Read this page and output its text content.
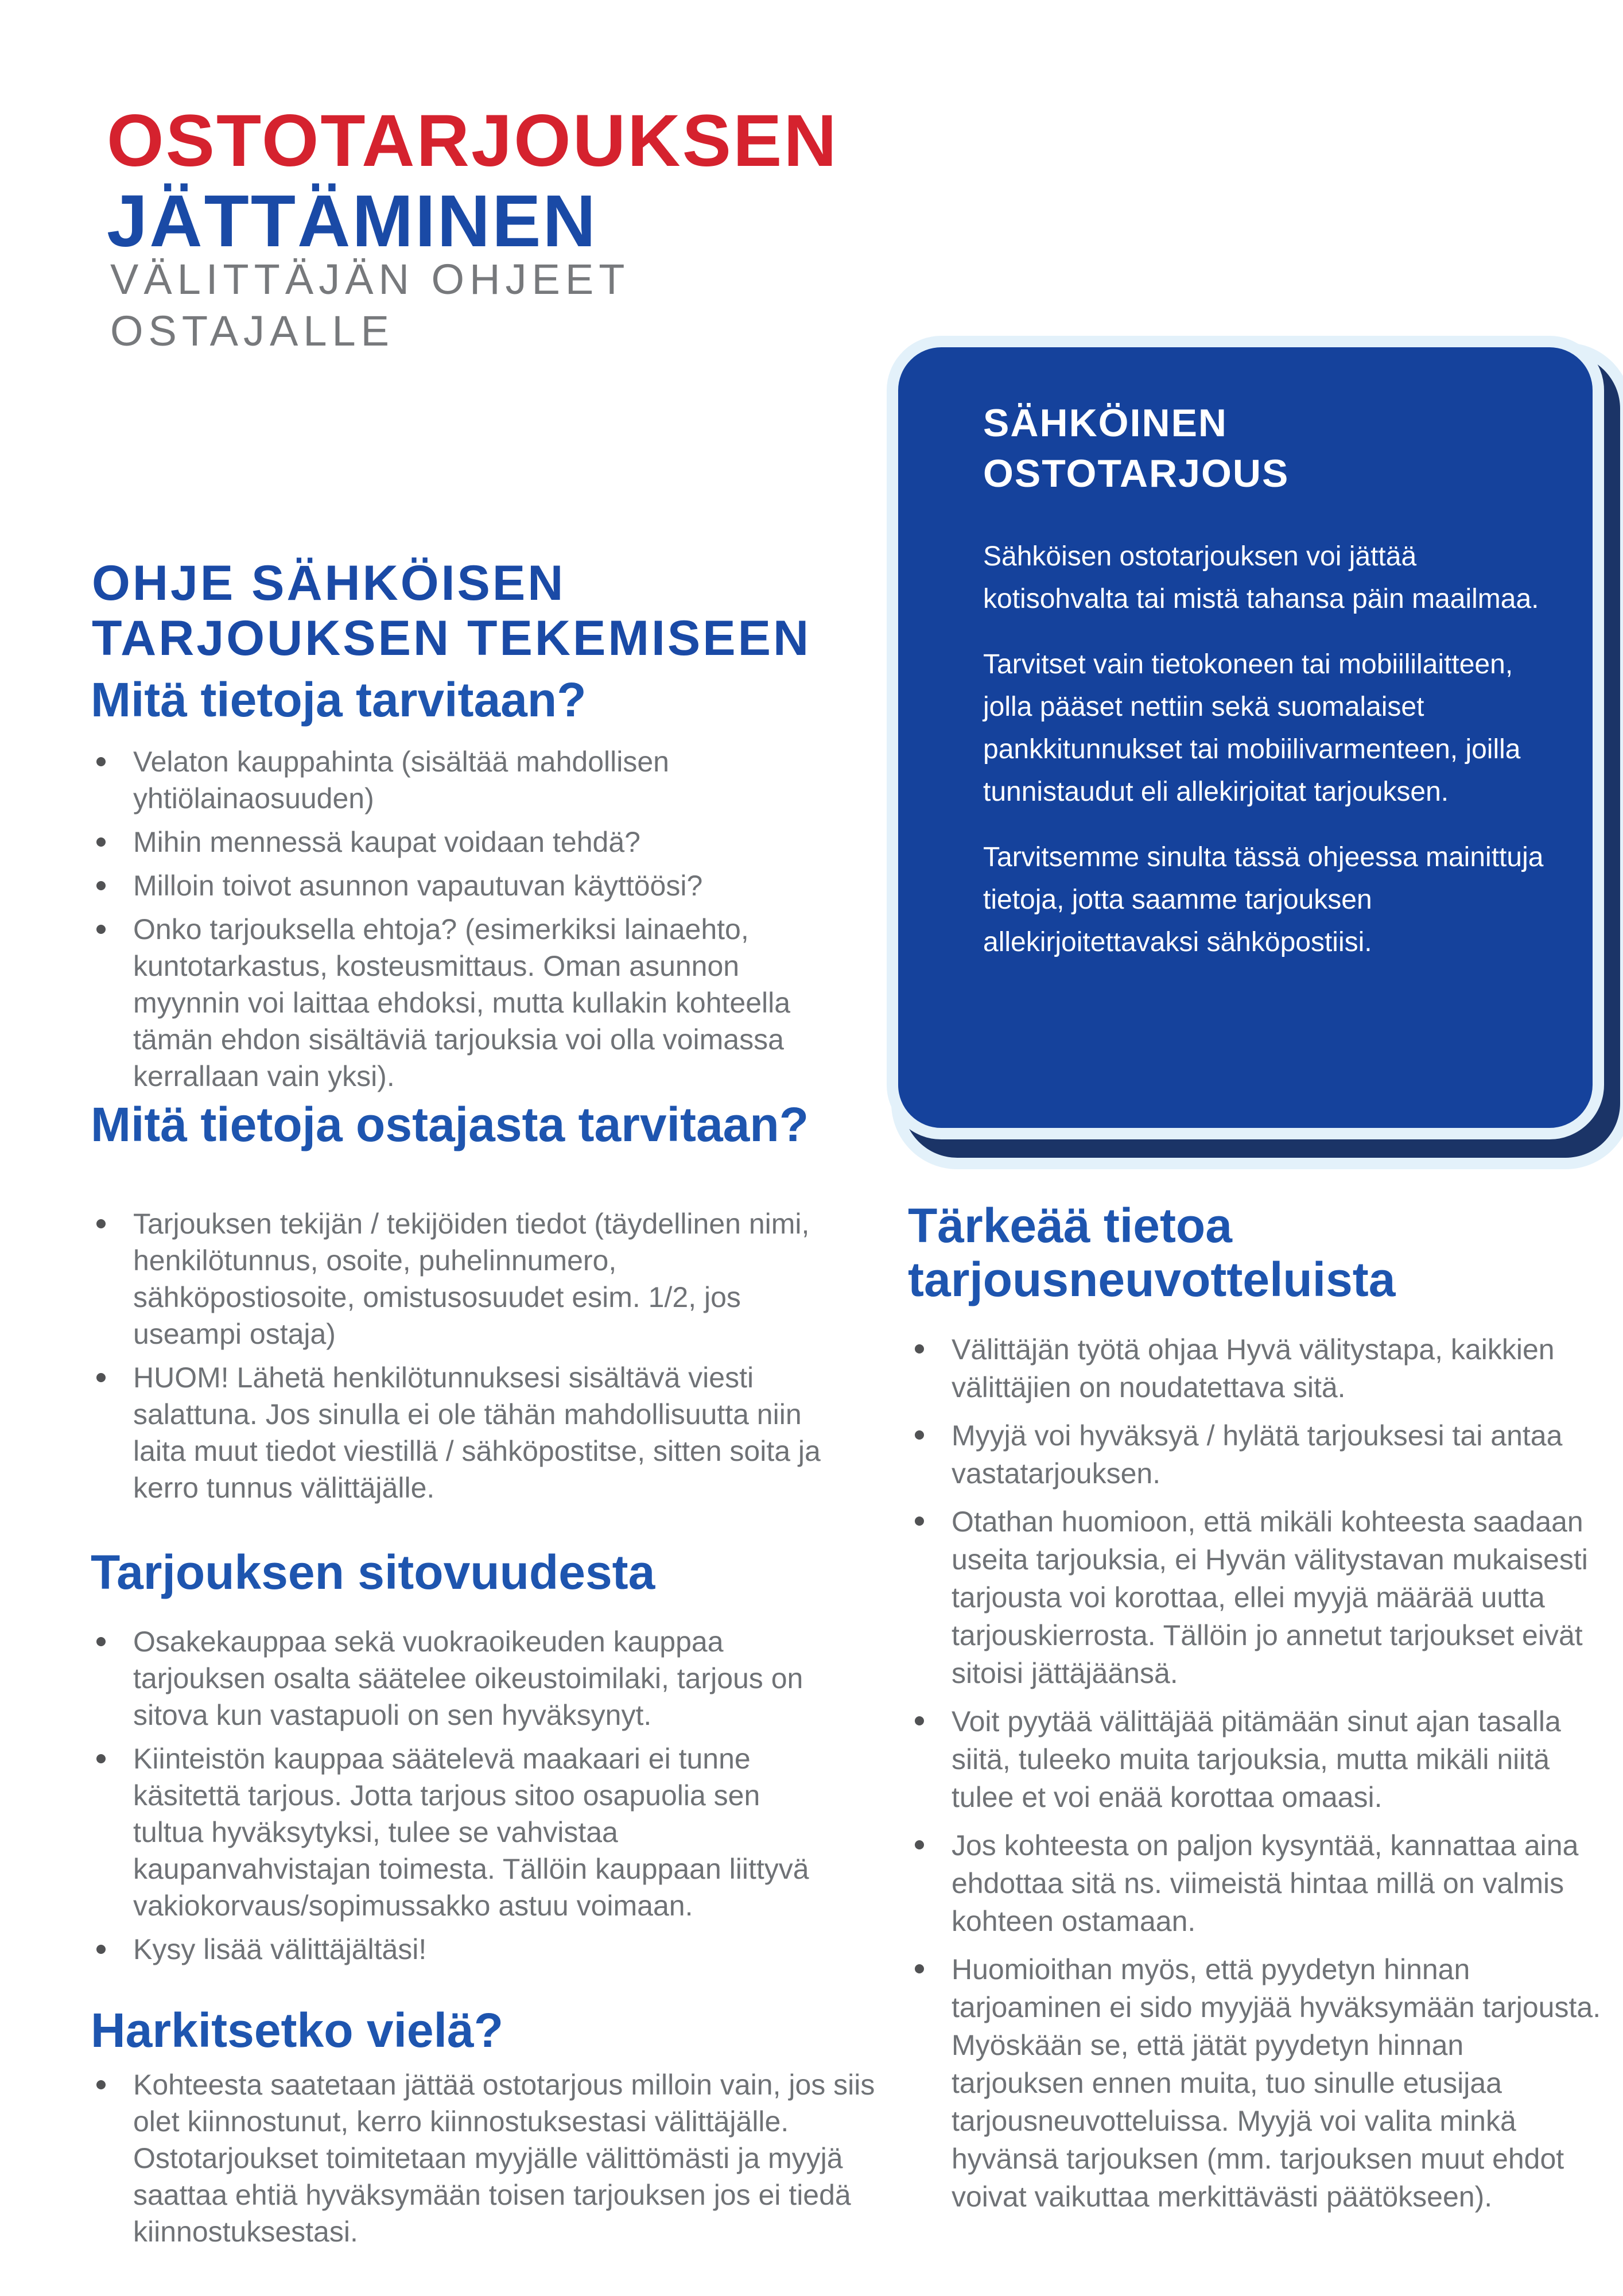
OSTOTARJOUKSEN
JÄTTÄMINEN
VÄLITTÄJÄN OHJEET
OSTAJALLE
SÄHKÖINEN
OSTOTARJOUS

Sähköisen ostotarjouksen voi jättää kotisohvalta tai mistä tahansa päin maailmaa.

Tarvitset vain tietokoneen tai mobiililaitteen, jolla pääset nettiin sekä suomalaiset pankkitunnukset tai mobiilivarmenteen, joilla tunnistaudut eli allekirjoitat tarjouksen.

Tarvitsemme sinulta tässä ohjeessa mainittuja tietoja, jotta saamme tarjouksen allekirjoitettavaksi sähköpostiisi.

OHJE SÄHKÖISEN
TARJOUKSEN TEKEMISEEN
Mitä tietoja tarvitaan?
Velaton kauppahinta (sisältää mahdollisen yhtiölainaosuuden)
Mihin mennessä kaupat voidaan tehdä?
Milloin toivot asunnon vapautuvan käyttöösi?
Onko tarjouksella ehtoja? (esimerkiksi lainaehto, kuntotarkastus, kosteusmittaus. Oman asunnon myynnin voi laittaa ehdoksi, mutta kullakin kohteella tämän ehdon sisältäviä tarjouksia voi olla voimassa kerrallaan vain yksi).
Mitä tietoja ostajasta tarvitaan?
Tarjouksen tekijän / tekijöiden tiedot (täydellinen nimi, henkilötunnus, osoite, puhelinnumero, sähköpostiosoite, omistusosuudet esim. 1/2, jos useampi ostaja)
HUOM! Lähetä henkilötunnuksesi sisältävä viesti salattuna. Jos sinulla ei ole tähän mahdollisuutta niin laita muut tiedot viestillä / sähköpostitse, sitten soita ja kerro tunnus välittäjälle.
Tarjouksen sitovuudesta
Osakekauppaa sekä vuokraoikeuden kauppaa tarjouksen osalta säätelee oikeustoimilaki, tarjous on sitova kun vastapuoli on sen hyväksynyt.
Kiinteistön kauppaa säätelevä maakaari ei tunne käsitettä tarjous. Jotta tarjous sitoo osapuolia sen tultua hyväksytyksi, tulee se vahvistaa kaupanvahvistajan toimesta. Tällöin kauppaan liittyvä vakiokorvaus/sopimussakko astuu voimaan.
Kysy lisää välittäjältäsi!
Harkitsetko vielä?
Kohteesta saatetaan jättää ostotarjous milloin vain, jos siis olet kiinnostunut, kerro kiinnostuksestasi välittäjälle. Ostotarjoukset toimitetaan myyjälle välittömästi ja myyjä saattaa ehtiä hyväksymään toisen tarjouksen jos ei tiedä kiinnostuksestasi.
Tärkeää tietoa tarjousneuvotteluista
Välittäjän työtä ohjaa Hyvä välitystapa, kaikkien välittäjien on noudatettava sitä.
Myyjä voi hyväksyä / hylätä tarjouksesi tai antaa vastatarjouksen.
Otathan huomioon, että mikäli kohteesta saadaan useita tarjouksia, ei Hyvän välitystavan mukaisesti tarjousta voi korottaa, ellei myyjä määrää uutta tarjouskierrosta. Tällöin jo annetut tarjoukset eivät sitoisi jättäjäänsä.
Voit pyytää välittäjää pitämään sinut ajan tasalla siitä, tuleeko muita tarjouksia, mutta mikäli niitä tulee et voi enää korottaa omaasi.
Jos kohteesta on paljon kysyntää, kannattaa aina ehdottaa sitä ns. viimeistä hintaa millä on valmis kohteen ostamaan.
Huomioithan myös, että pyydetyn hinnan tarjoaminen ei sido myyjää hyväksymään tarjousta. Myöskään se, että jätät pyydetyn hinnan tarjouksen ennen muita, tuo sinulle etusijaa tarjousneuvotteluissa. Myyjä voi valita minkä hyvänsä tarjouksen (mm. tarjouksen muut ehdot voivat vaikuttaa merkittävästi päätökseen).
